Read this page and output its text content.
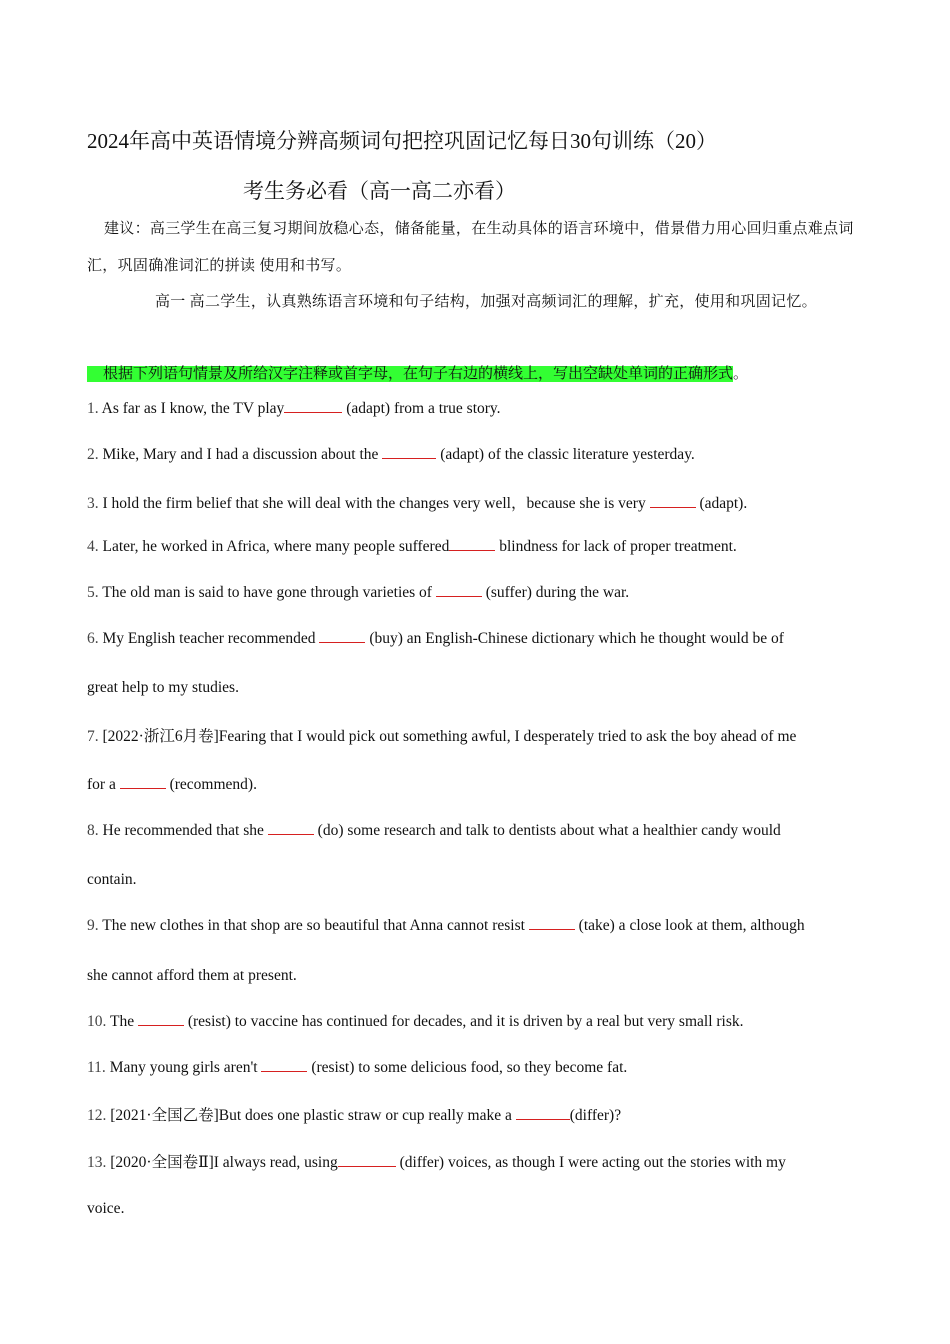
2024年高中英语情境分辨高频词句把控巩固记忆每日30句训练（20）
考生务必看（高一高二亦看）
建议：高三学生在高三复习期间放稳心态，储备能量，在生动具体的语言环境中，借景借力用心回归重点难点词汇，巩固确准词汇的拼读 使用和书写。
高一 高二学生，认真熟练语言环境和句子结构，加强对高频词汇的理解，扩充，使用和巩固记忆。
根据下列语句情景及所给汉字注释或首字母，在句子右边的横线上，写出空缺处单词的正确形式。
1. As far as I know, the TV play	(adapt) from a true story.
2. Mike, Mary and I had a discussion about the	(adapt) of the classic literature yesterday.
3. I hold the firm belief that she will deal with the changes very well，because she is very	(adapt).
4. Later, he worked in Africa, where many people suffered	blindness for lack of proper treatment.
5. The old man is said to have gone through varieties of	(suffer) during the war.
6. My English teacher recommended	(buy) an English-Chinese dictionary which he thought would be of
great help to my studies.
7. [2022·浙江6月卷]Fearing that I would pick out something awful, I desperately tried to ask the boy ahead of me
for a	(recommend).
8. He recommended that she	(do) some research and talk to dentists about what a healthier candy would
contain.
9. The new clothes in that shop are so beautiful that Anna cannot resist	(take) a close look at them, although
she cannot afford them at present.
10. The	(resist) to vaccine has continued for decades, and it is driven by a real but very small risk.
11. Many young girls aren't	(resist) to some delicious food, so they become fat.
12. [2021·全国乙卷]But does one plastic straw or cup really make a	(differ)?
13. [2020·全国卷Ⅱ]I always read, using	(differ) voices, as though I were acting out the stories with my
voice.
